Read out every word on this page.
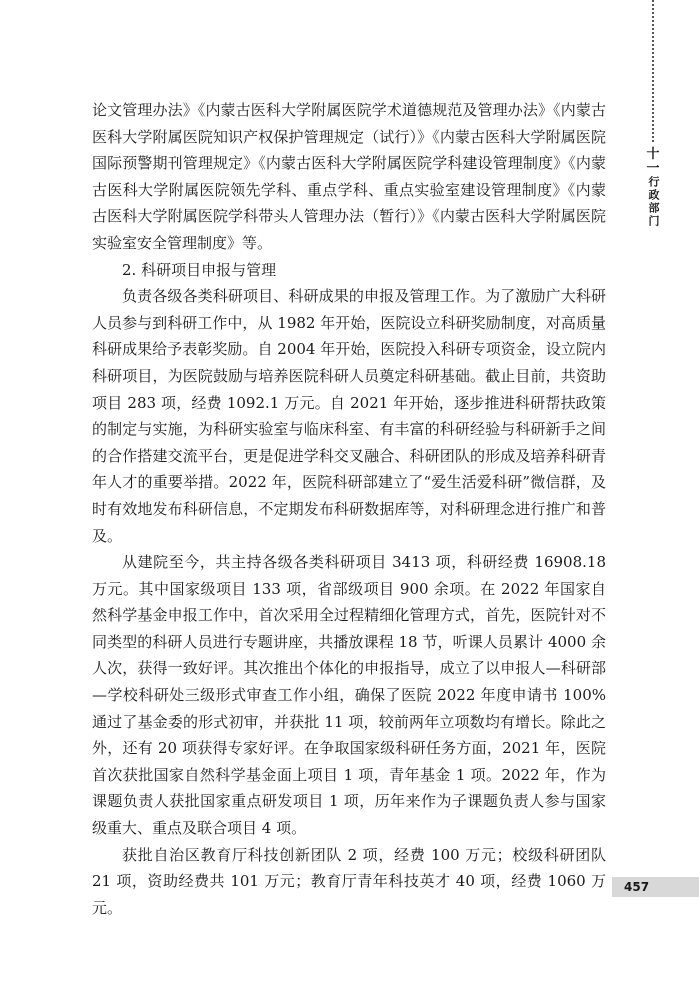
十一
行政部门

论文管理办法》《内蒙古医科大学附属医院学术道德规范及管理办法》《内蒙古医科大学附属医院知识产权保护管理规定（试行）》《内蒙古医科大学附属医院国际预警期刊管理规定》《内蒙古医科大学附属医院学科建设管理制度》《内蒙古医科大学附属医院领先学科、重点学科、重点实验室建设管理制度》《内蒙古医科大学附属医院学科带头人管理办法（暂行）》《内蒙古医科大学附属医院实验室安全管理制度》等。

2. 科研项目申报与管理

负责各级各类科研项目、科研成果的申报及管理工作。为了激励广大科研人员参与到科研工作中，从 1982 年开始，医院设立科研奖励制度，对高质量科研成果给予表彰奖励。自 2004 年开始，医院投入科研专项资金，设立院内科研项目，为医院鼓励与培养医院科研人员奠定科研基础。截止目前，共资助项目 283 项，经费 1092.1 万元。自 2021 年开始，逐步推进科研帮扶政策的制定与实施，为科研实验室与临床科室、有丰富的科研经验与科研新手之间的合作搭建交流平台，更是促进学科交叉融合、科研团队的形成及培养科研青年人才的重要举措。2022 年，医院科研部建立了“爱生活爱科研”微信群，及时有效地发布科研信息，不定期发布科研数据库等，对科研理念进行推广和普及。

从建院至今，共主持各级各类科研项目 3413 项，科研经费 16908.18 万元。其中国家级项目 133 项，省部级项目 900 余项。在 2022 年国家自然科学基金申报工作中，首次采用全过程精细化管理方式，首先，医院针对不同类型的科研人员进行专题讲座，共播放课程 18 节，听课人员累计 4000 余人次，获得一致好评。其次推出个体化的申报指导，成立了以申报人—科研部—学校科研处三级形式审查工作小组，确保了医院 2022 年度申请书 100% 通过了基金委的形式初审，并获批 11 项，较前两年立项数均有增长。除此之外，还有 20 项获得专家好评。在争取国家级科研任务方面，2021 年，医院首次获批国家自然科学基金面上项目 1 项，青年基金 1 项。2022 年，作为课题负责人获批国家重点研发项目 1 项，历年来作为子课题负责人参与国家级重大、重点及联合项目 4 项。

获批自治区教育厅科技创新团队 2 项，经费 100 万元；校级科研团队 21 项，资助经费共 101 万元；教育厅青年科技英才 40 项，经费 1060 万元。

457
